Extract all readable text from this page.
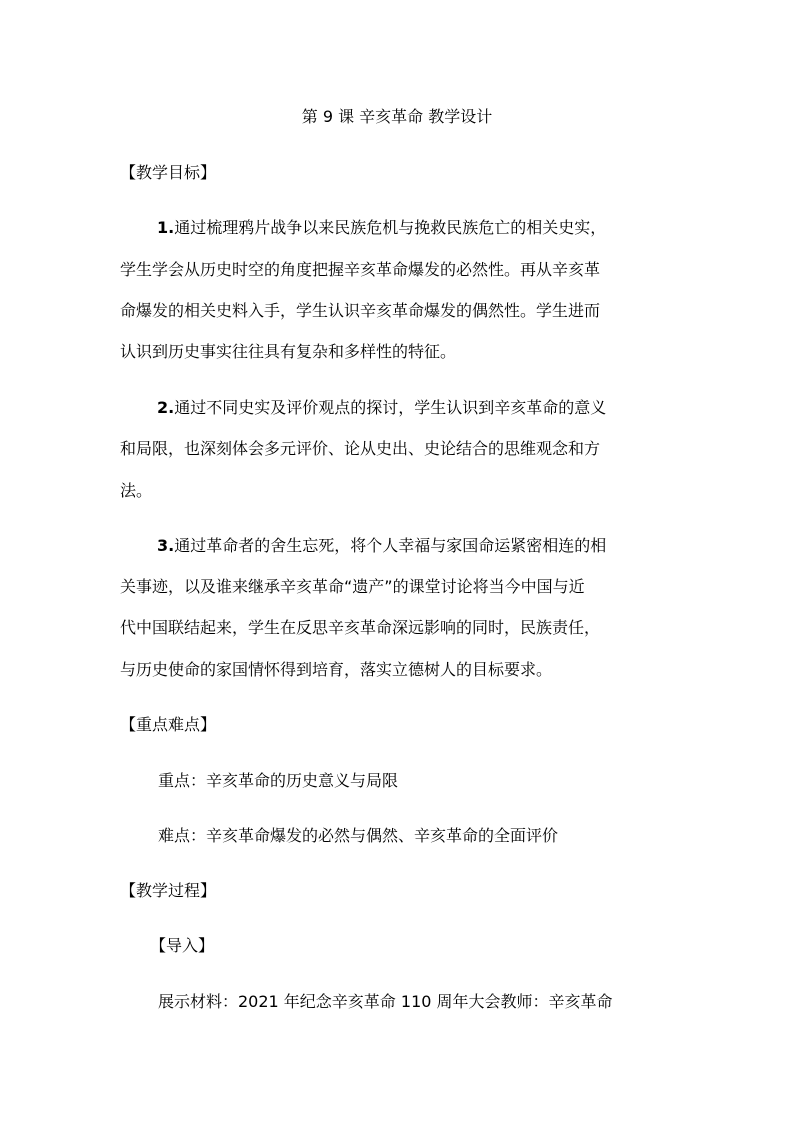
第 9 课 辛亥革命 教学设计
【教学目标】
1.通过梳理鸦片战争以来民族危机与挽救民族危亡的相关史实，
学生学会从历史时空的角度把握辛亥革命爆发的必然性。再从辛亥革
命爆发的相关史料入手，学生认识辛亥革命爆发的偶然性。学生进而
认识到历史事实往往具有复杂和多样性的特征。
2.通过不同史实及评价观点的探讨，学生认识到辛亥革命的意义
和局限，也深刻体会多元评价、论从史出、史论结合的思维观念和方
法。
3.通过革命者的舍生忘死，将个人幸福与家国命运紧密相连的相
关事迹，以及谁来继承辛亥革命“遗产”的课堂讨论将当今中国与近
代中国联结起来，学生在反思辛亥革命深远影响的同时，民族责任，
与历史使命的家国情怀得到培育，落实立德树人的目标要求。
【重点难点】
重点：辛亥革命的历史意义与局限
难点：辛亥革命爆发的必然与偶然、辛亥革命的全面评价
【教学过程】
【导入】
展示材料：2021 年纪念辛亥革命 110 周年大会教师：辛亥革命
